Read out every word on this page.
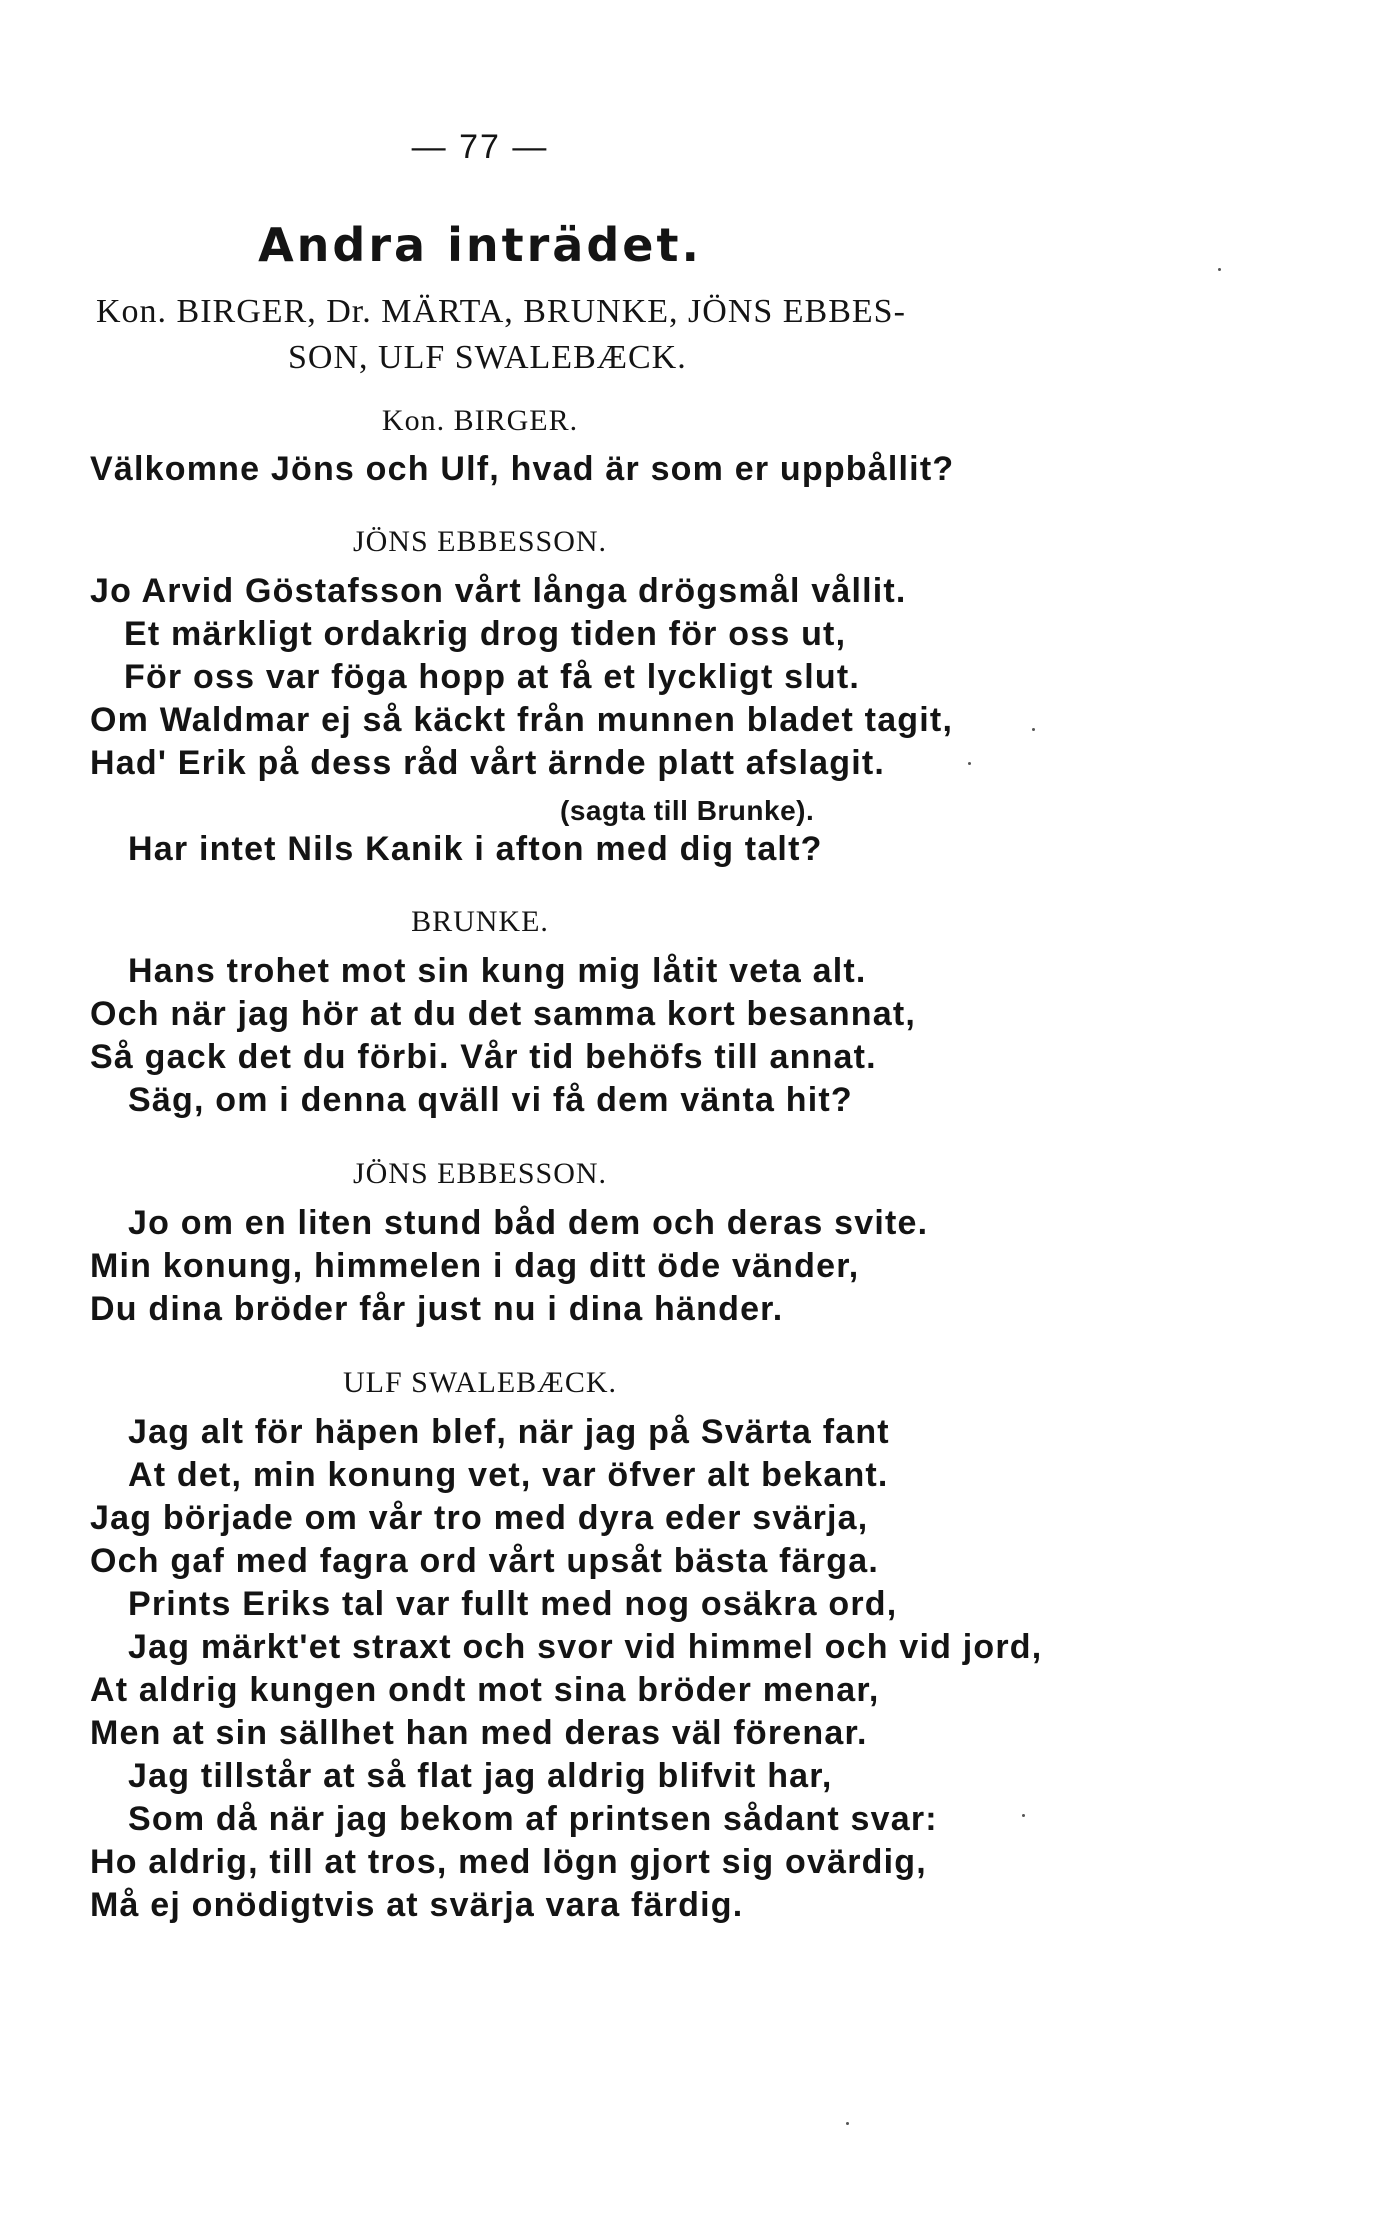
— 77 —
Andra inträdet.
Kon. BIRGER, Dr. MÄRTA, BRUNKE, JÖNS EBBES-
SON, ULF SWALEBÆCK.
Kon. BIRGER.
Välkomne Jöns och Ulf, hvad är som er uppbållit?
JÖNS EBBESSON.
Jo Arvid Göstafsson vårt långa drögsmål vållit.
Et märkligt ordakrig drog tiden för oss ut,
För oss var föga hopp at få et lyckligt slut.
Om Waldmar ej så käckt från munnen bladet tagit,
Had' Erik på dess råd vårt ärnde platt afslagit.
(sagta till Brunke).
Har intet Nils Kanik i afton med dig talt?
BRUNKE.
Hans trohet mot sin kung mig låtit veta alt.
Och när jag hör at du det samma kort besannat,
Så gack det du förbi. Vår tid behöfs till annat.
Säg, om i denna qväll vi få dem vänta hit?
JÖNS EBBESSON.
Jo om en liten stund båd dem och deras svite.
Min konung, himmelen i dag ditt öde vänder,
Du dina bröder får just nu i dina händer.
ULF SWALEBÆCK.
Jag alt för häpen blef, när jag på Svärta fant
At det, min konung vet, var öfver alt bekant.
Jag började om vår tro med dyra eder svärja,
Och gaf med fagra ord vårt upsåt bästa färga.
Prints Eriks tal var fullt med nog osäkra ord,
Jag märkt'et straxt och svor vid himmel och vid jord,
At aldrig kungen ondt mot sina bröder menar,
Men at sin sällhet han med deras väl förenar.
Jag tillstår at så flat jag aldrig blifvit har,
Som då när jag bekom af printsen sådant svar:
Ho aldrig, till at tros, med lögn gjort sig ovärdig,
Må ej onödigtvis at svärja vara färdig.
